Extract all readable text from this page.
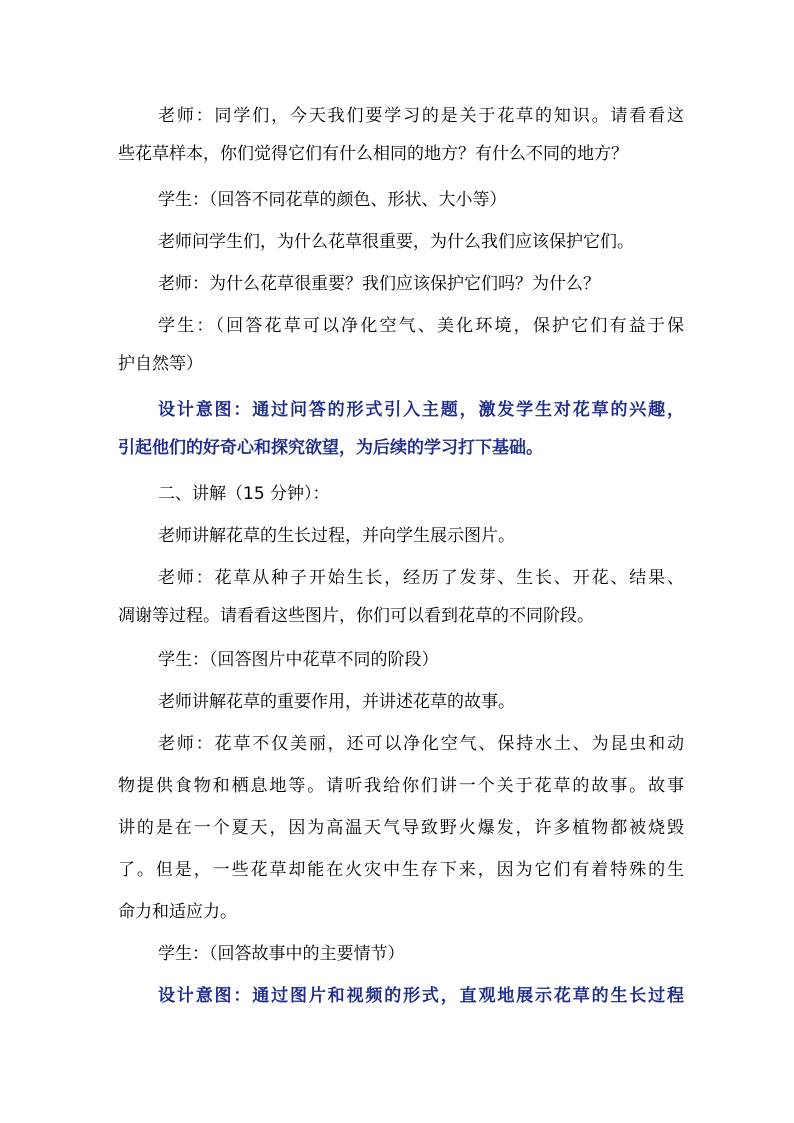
老师：同学们，今天我们要学习的是关于花草的知识。请看看这
些花草样本，你们觉得它们有什么相同的地方？有什么不同的地方？
学生：（回答不同花草的颜色、形状、大小等）
老师问学生们，为什么花草很重要，为什么我们应该保护它们。
老师：为什么花草很重要？我们应该保护它们吗？为什么？
学生：（回答花草可以净化空气、美化环境，保护它们有益于保
护自然等）
设计意图：通过问答的形式引入主题，激发学生对花草的兴趣，
引起他们的好奇心和探究欲望，为后续的学习打下基础。
二、讲解（15 分钟）：
老师讲解花草的生长过程，并向学生展示图片。
老师：花草从种子开始生长，经历了发芽、生长、开花、结果、
凋谢等过程。请看看这些图片，你们可以看到花草的不同阶段。
学生：（回答图片中花草不同的阶段）
老师讲解花草的重要作用，并讲述花草的故事。
老师：花草不仅美丽，还可以净化空气、保持水土、为昆虫和动
物提供食物和栖息地等。请听我给你们讲一个关于花草的故事。故事
讲的是在一个夏天，因为高温天气导致野火爆发，许多植物都被烧毁
了。但是，一些花草却能在火灾中生存下来，因为它们有着特殊的生
命力和适应力。
学生：（回答故事中的主要情节）
设计意图：通过图片和视频的形式，直观地展示花草的生长过程
